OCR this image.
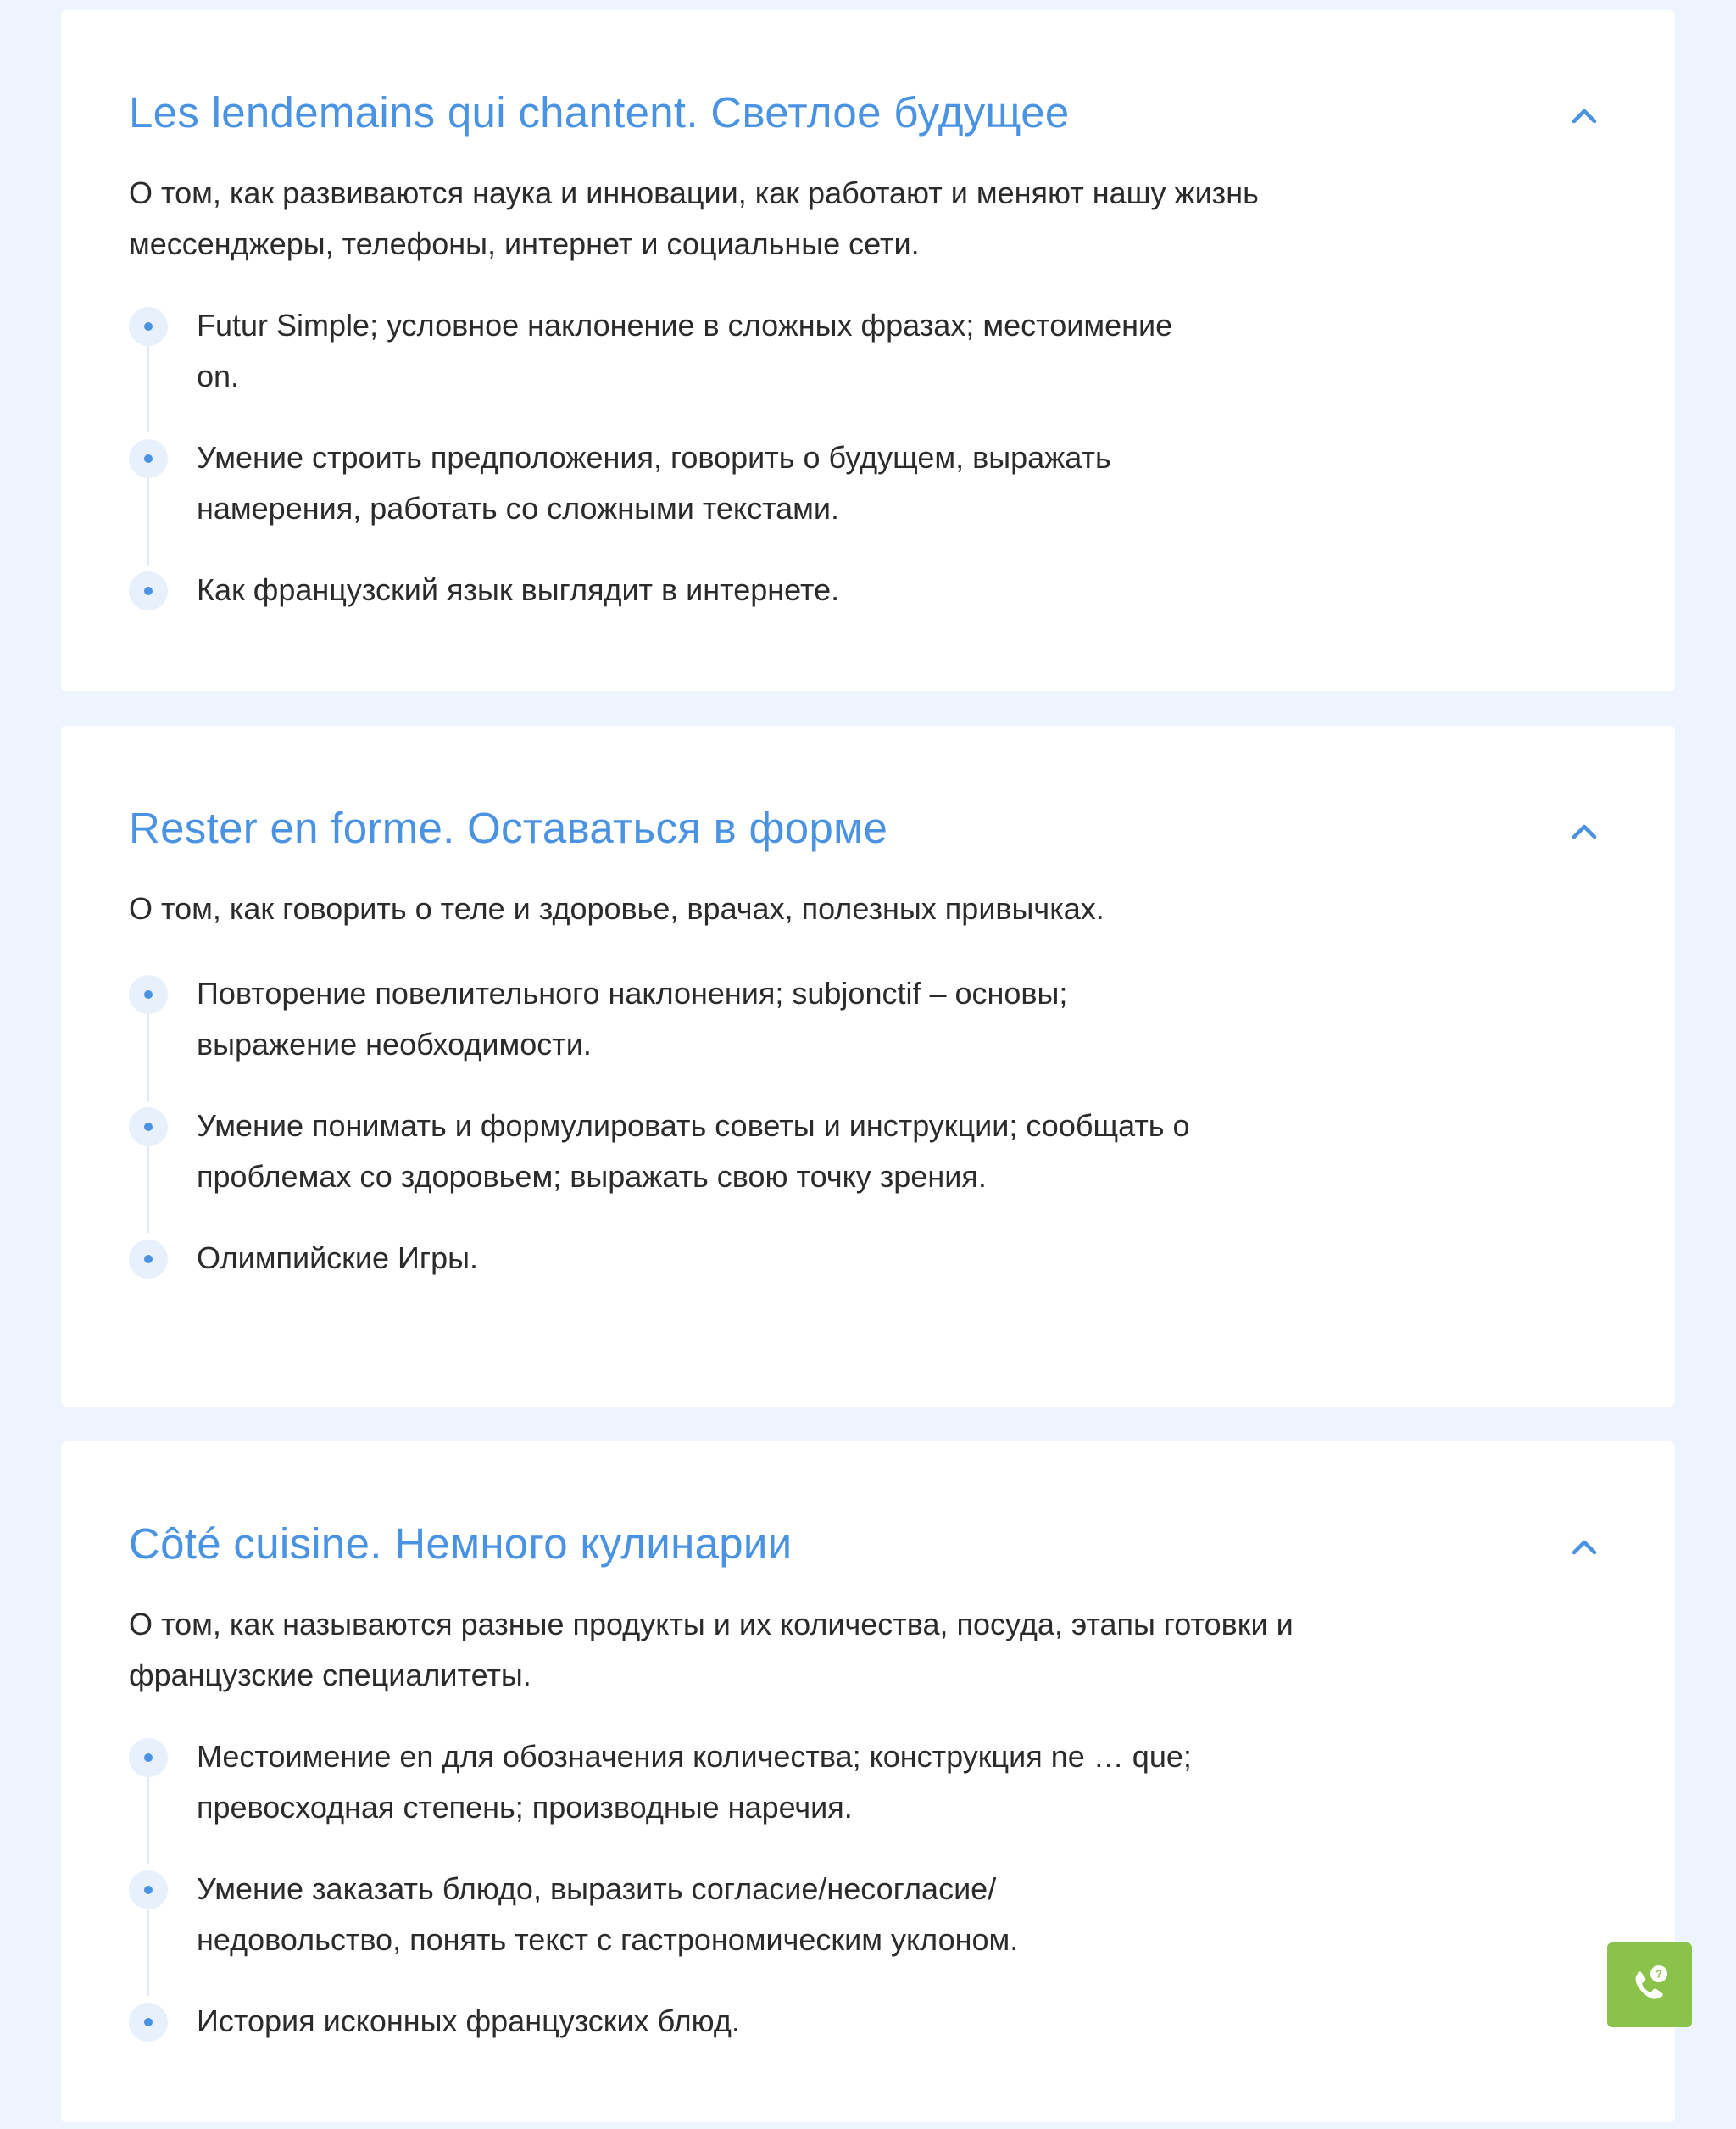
Les lendemains qui chantent. Светлое будущее

О том, как развиваются наука и инновации, как работают и меняют нашу жизнь мессенджеры, телефоны, интернет и социальные сети.

Futur Simple; условное наклонение в сложных фразах; местоимение on.
Умение строить предположения, говорить о будущем, выражать намерения, работать со сложными текстами.
Как французский язык выглядит в интернете.
Rester en forme. Оставаться в форме

О том, как говорить о теле и здоровье, врачах, полезных привычках.

Повторение повелительного наклонения; subjonctif – основы; выражение необходимости.
Умение понимать и формулировать советы и инструкции; сообщать о проблемах со здоровьем; выражать свою точку зрения.
Олимпийские Игры.
Côté cuisine. Немного кулинарии

О том, как называются разные продукты и их количества, посуда, этапы готовки и французские специалитеты.

Местоимение en для обозначения количества; конструкция ne … que; превосходная степень; производные наречия.
Умение заказать блюдо, выразить согласие/несогласие/недовольство, понять текст с гастрономическим уклоном.
История исконных французских блюд.
?
